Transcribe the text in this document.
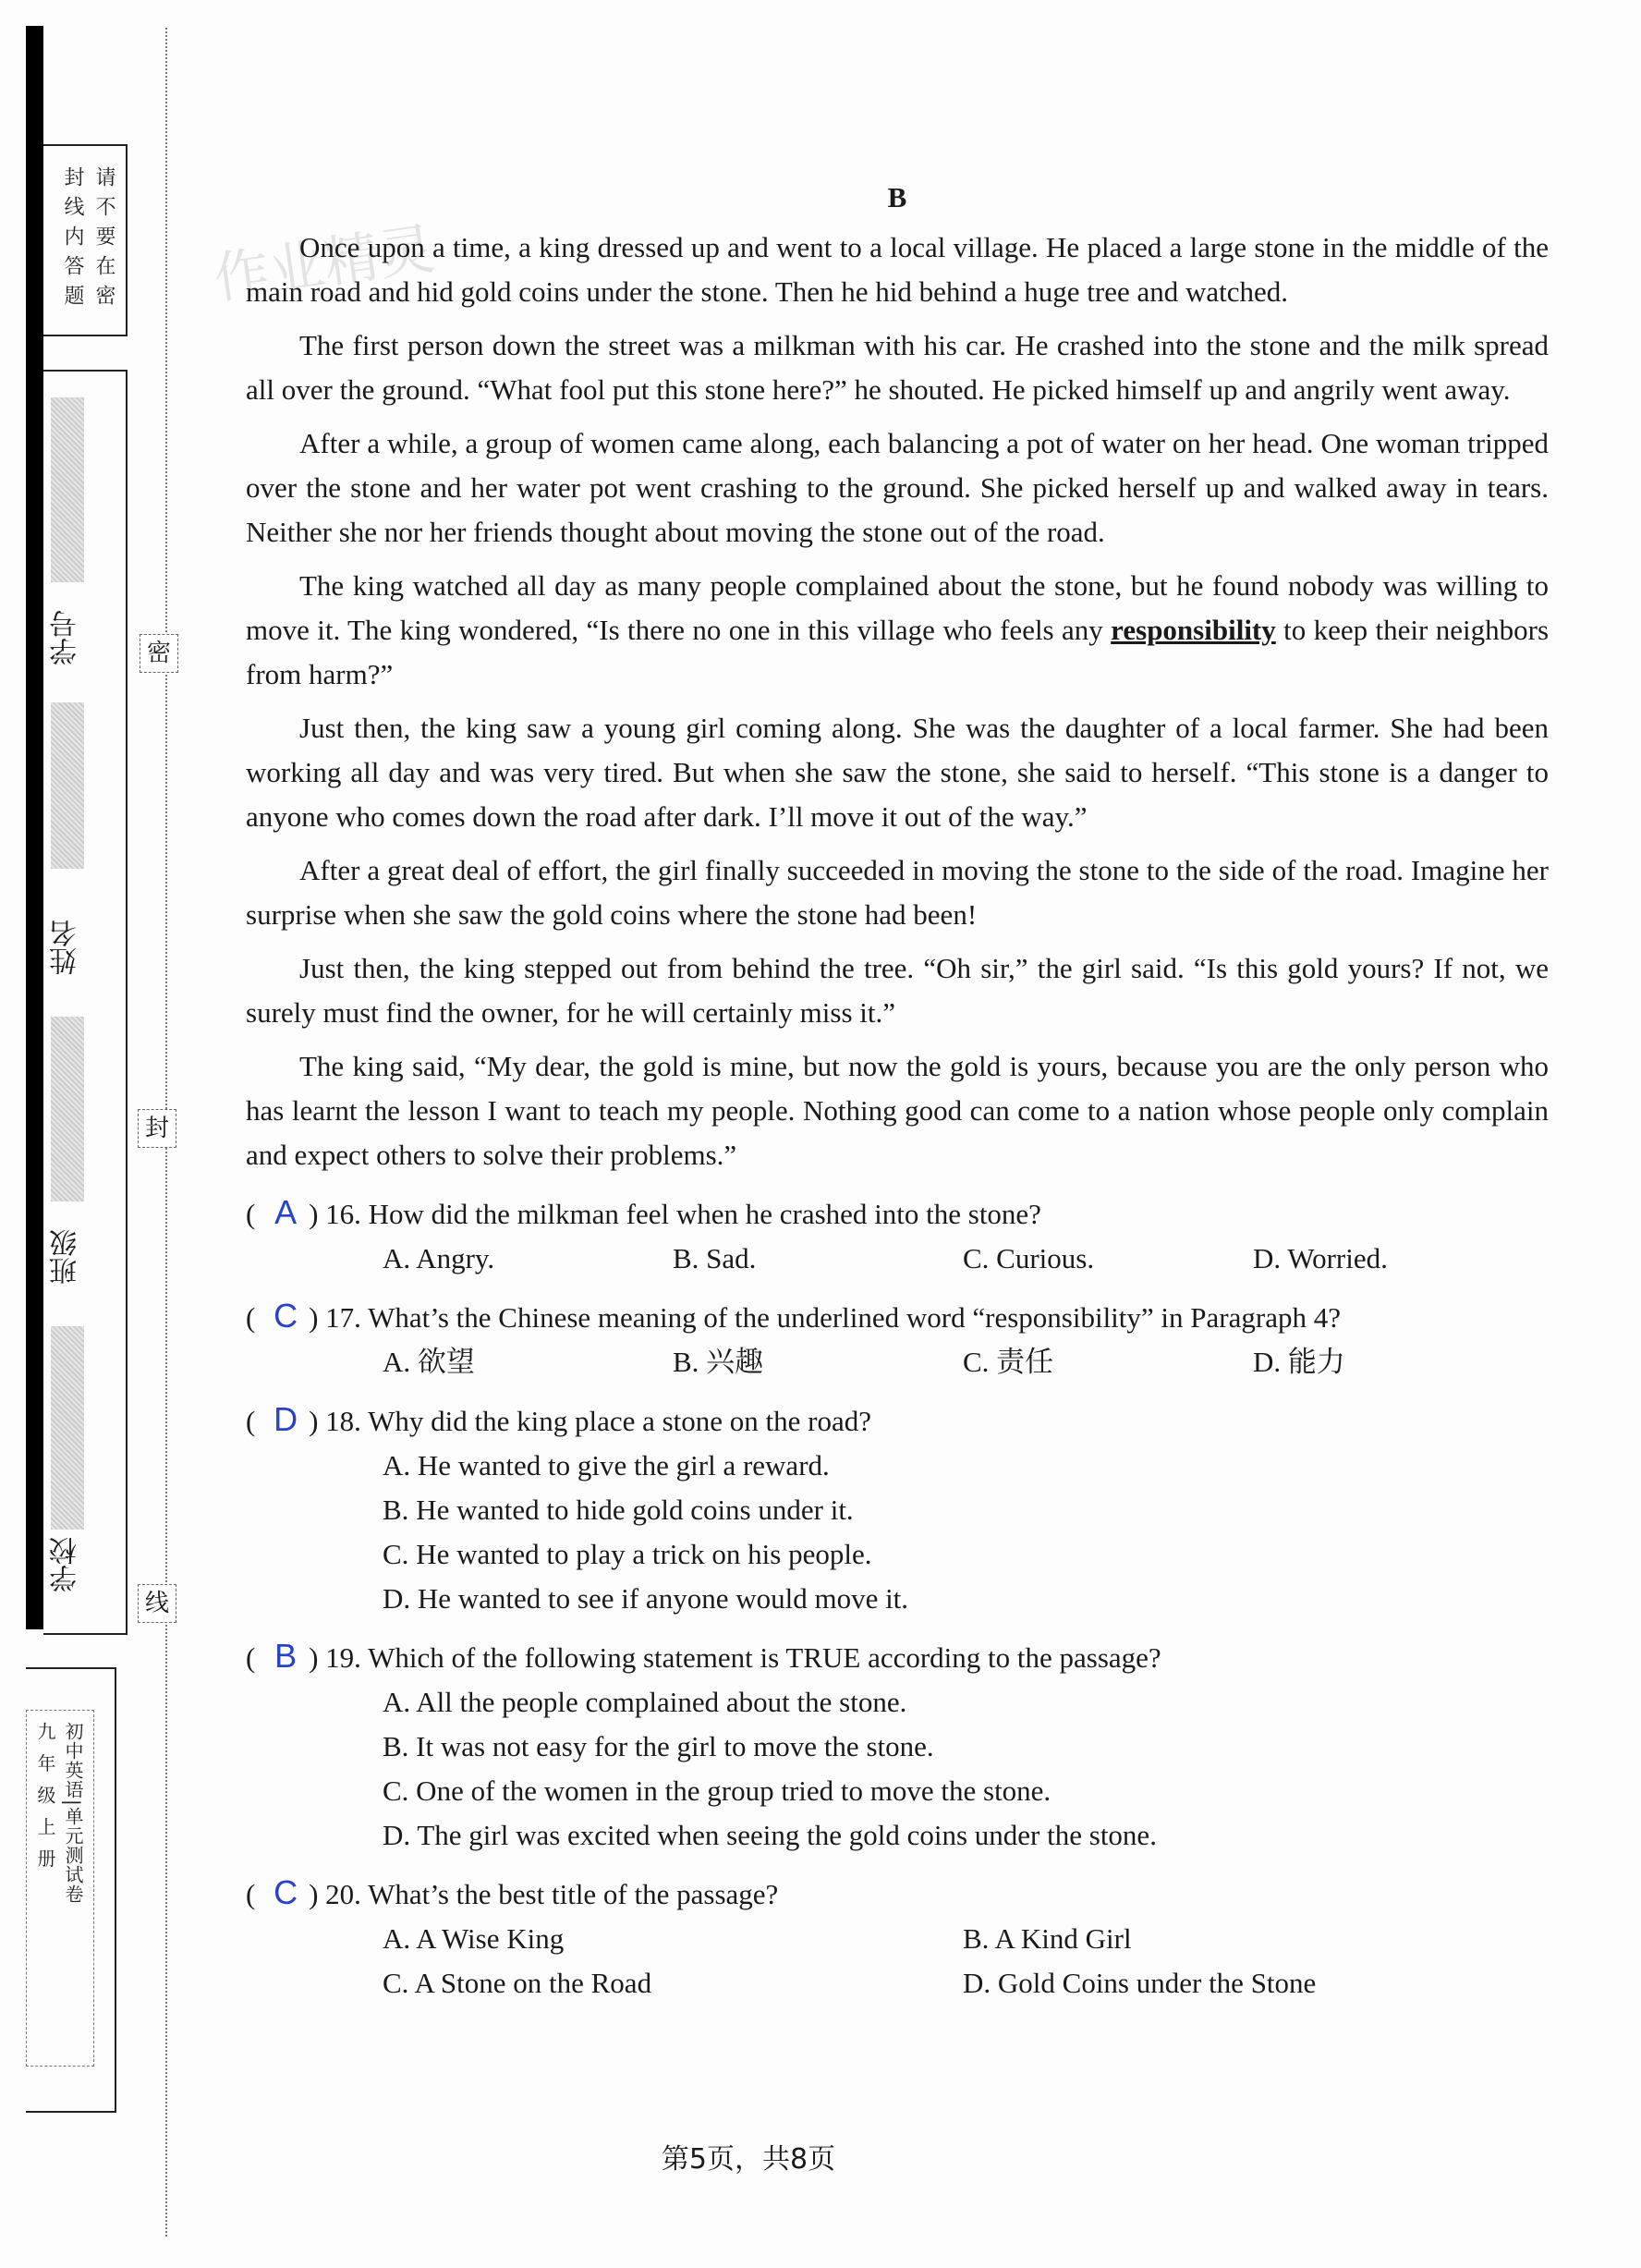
请不要在密封线内答题
学号
姓名
班级
学校
密
封
线
初中英语|单元测试卷
九 年 级 上 册
作业精灵
B

Once upon a time, a king dressed up and went to a local village. He placed a large stone in the middle of the main road and hid gold coins under the stone. Then he hid behind a huge tree and watched.

The first person down the street was a milkman with his car. He crashed into the stone and the milk spread all over the ground. “What fool put this stone here?” he shouted. He picked himself up and angrily went away.

After a while, a group of women came along, each balancing a pot of water on her head. One woman tripped over the stone and her water pot went crashing to the ground. She picked herself up and walked away in tears. Neither she nor her friends thought about moving the stone out of the road.

The king watched all day as many people complained about the stone, but he found nobody was willing to move it. The king wondered, “Is there no one in this village who feels any responsibility to keep their neighbors from harm?”

Just then, the king saw a young girl coming along. She was the daughter of a local farmer. She had been working all day and was very tired. But when she saw the stone, she said to herself. “This stone is a danger to anyone who comes down the road after dark. I’ll move it out of the way.”

After a great deal of effort, the girl finally succeeded in moving the stone to the side of the road. Imagine her surprise when she saw the gold coins where the stone had been!

Just then, the king stepped out from behind the tree. “Oh sir,” the girl said. “Is this gold yours? If not, we surely must find the owner, for he will certainly miss it.”

The king said, “My dear, the gold is mine, but now the gold is yours, because you are the only person who has learnt the lesson I want to teach my people. Nothing good can come to a nation whose people only complain and expect others to solve their problems.”

( A ) 16. How did the milkman feel when he crashed into the stone?
A. Angry.	B. Sad.	C. Curious.	D. Worried.
( C ) 17. What’s the Chinese meaning of the underlined word “responsibility” in Paragraph 4?
A. 欲望	B. 兴趣	C. 责任	D. 能力
( D ) 18. Why did the king place a stone on the road?
A. He wanted to give the girl a reward.
B. He wanted to hide gold coins under it.
C. He wanted to play a trick on his people.
D. He wanted to see if anyone would move it.
( B ) 19. Which of the following statement is TRUE according to the passage?
A. All the people complained about the stone.
B. It was not easy for the girl to move the stone.
C. One of the women in the group tried to move the stone.
D. The girl was excited when seeing the gold coins under the stone.
( C ) 20. What’s the best title of the passage?
A. A Wise King	B. A Kind Girl
C. A Stone on the Road	D. Gold Coins under the Stone
第5页，共8页
